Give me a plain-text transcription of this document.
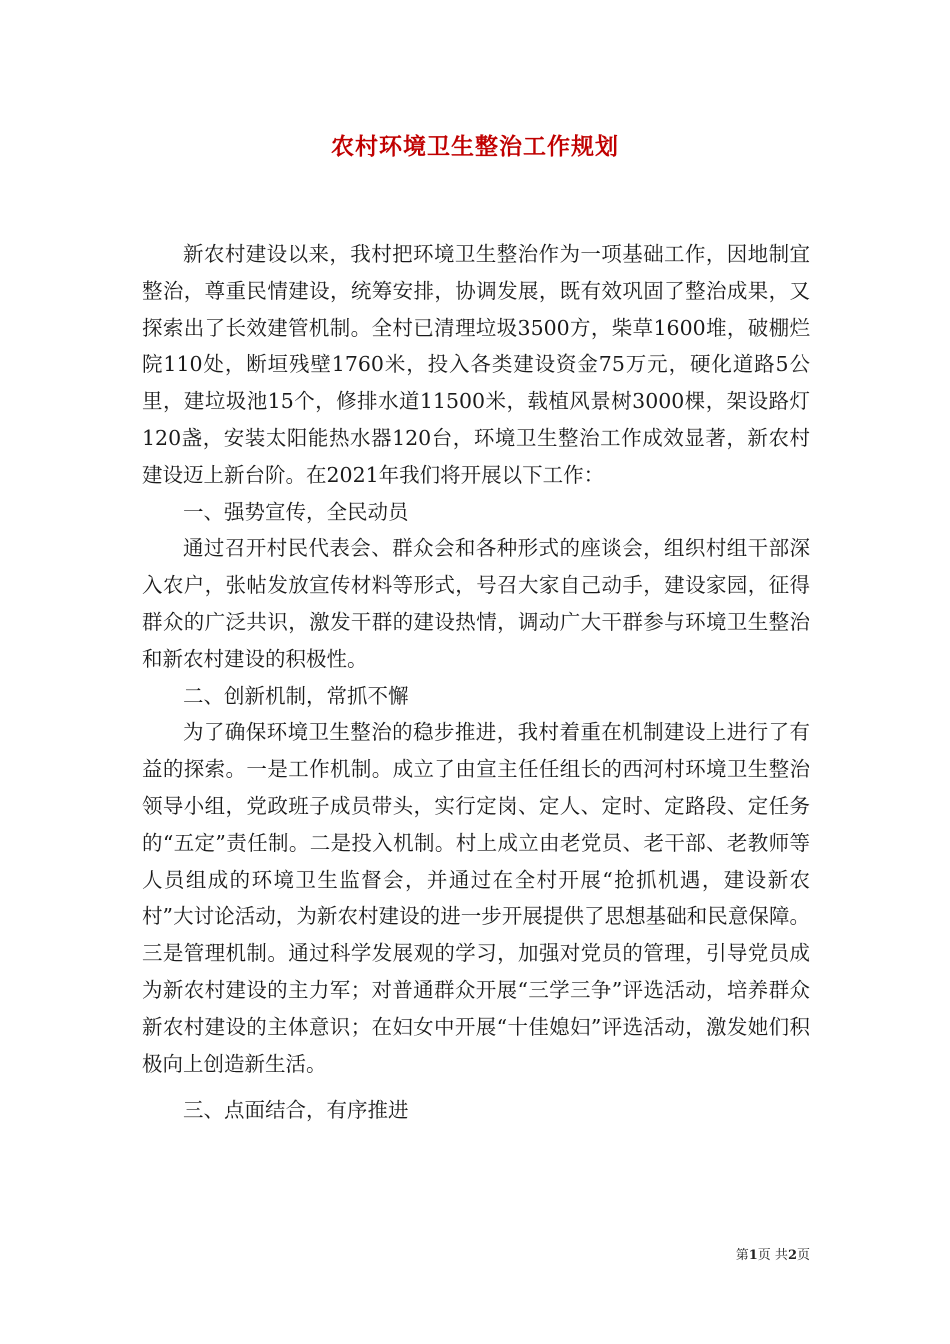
农村环境卫生整治工作规划

新农村建设以来，我村把环境卫生整治作为一项基础工作，因地制宜整治，尊重民情建设，统筹安排，协调发展，既有效巩固了整治成果，又探索出了长效建管机制。全村已清理垃圾3500方，柴草1600堆，破棚烂院110处，断垣残壁1760米，投入各类建设资金75万元，硬化道路5公里，建垃圾池15个，修排水道11500米，载植风景树3000棵，架设路灯120盏，安装太阳能热水器120台，环境卫生整治工作成效显著，新农村建设迈上新台阶。在2021年我们将开展以下工作：

一、强势宣传，全民动员

通过召开村民代表会、群众会和各种形式的座谈会，组织村组干部深入农户，张帖发放宣传材料等形式，号召大家自己动手，建设家园，征得群众的广泛共识，激发干群的建设热情，调动广大干群参与环境卫生整治和新农村建设的积极性。

二、创新机制，常抓不懈

为了确保环境卫生整治的稳步推进，我村着重在机制建设上进行了有益的探索。一是工作机制。成立了由宣主任任组长的西河村环境卫生整治领导小组，党政班子成员带头，实行定岗、定人、定时、定路段、定任务的“五定”责任制。二是投入机制。村上成立由老党员、老干部、老教师等人员组成的环境卫生监督会，并通过在全村开展“抢抓机遇，建设新农村”大讨论活动，为新农村建设的进一步开展提供了思想基础和民意保障。三是管理机制。通过科学发展观的学习，加强对党员的管理，引导党员成为新农村建设的主力军；对普通群众开展“三学三争”评选活动，培养群众新农村建设的主体意识；在妇女中开展“十佳媳妇”评选活动，激发她们积极向上创造新生活。

三、点面结合，有序推进

第1页 共2页
